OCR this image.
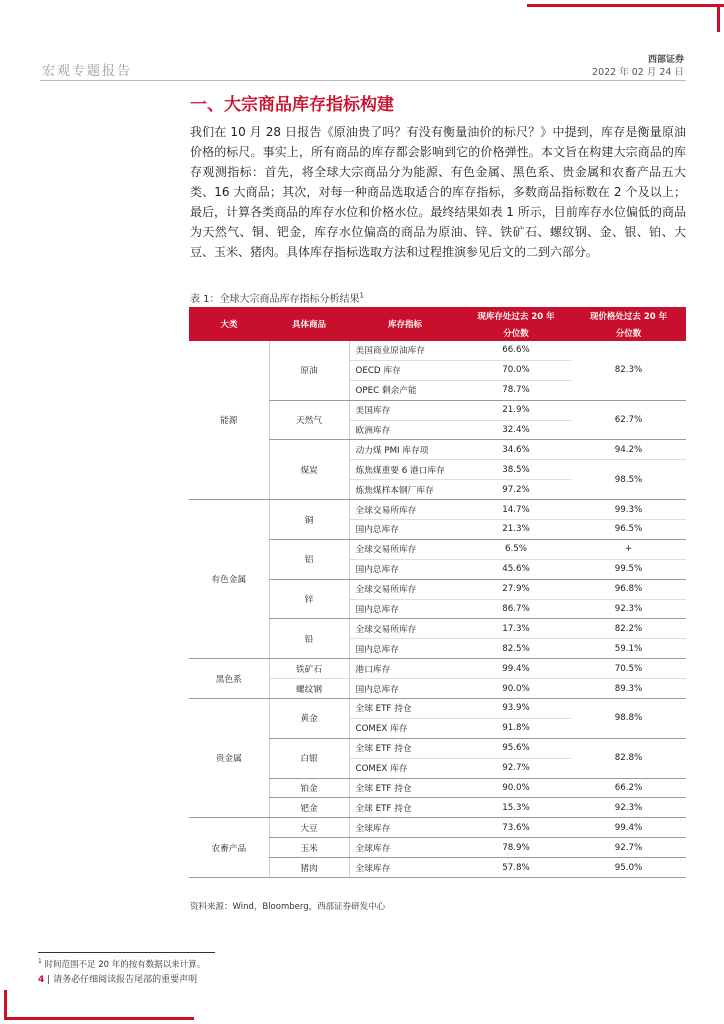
宏观专题报告
西部证券
2022 年 02 月 24 日
一、大宗商品库存指标构建

我们在 10 月 28 日报告《原油贵了吗？有没有衡量油价的标尺？》中提到，库存是衡量原油价格的标尺。事实上，所有商品的库存都会影响到它的价格弹性。本文旨在构建大宗商品的库存观测指标：首先，将全球大宗商品分为能源、有色金属、黑色系、贵金属和农畜产品五大类、16 大商品；其次，对每一种商品选取适合的库存指标，多数商品指标数在 2 个及以上；最后，计算各类商品的库存水位和价格水位。最终结果如表 1 所示，目前库存水位偏低的商品为天然气、铜、钯金，库存水位偏高的商品为原油、锌、铁矿石、螺纹钢、金、银、铂、大豆、玉米、猪肉。具体库存指标选取方法和过程推演参见后文的二到六部分。

表 1：全球大宗商品库存指标分析结果$^1$
大类	具体商品	库存指标	现库存处过去 20 年	现价格处过去 20 年
			分位数	分位数
能源	原油	美国商业原油库存	66.6%	82.3%
		OECD 库存	70.0%	
		OPEC 剩余产能	78.7%	
	天然气	美国库存	21.9%	62.7%
		欧洲库存	32.4%	
	煤炭	动力煤 PMI 库存项	34.6%	94.2%
		炼焦煤重要 6 港口库存	38.5%	98.5%
		炼焦煤样本钢厂库存	97.2%	
有色金属	铜	全球交易所库存	14.7%	99.3%
		国内总库存	21.3%	96.5%
	铝	全球交易所库存	6.5%	+
		国内总库存	45.6%	99.5%
	锌	全球交易所库存	27.9%	96.8%
		国内总库存	86.7%	92.3%
	铅	全球交易所库存	17.3%	82.2%
		国内总库存	82.5%	59.1%
黑色系	铁矿石	港口库存	99.4%	70.5%
	螺纹钢	国内总库存	90.0%	89.3%
贵金属	黄金	全球 ETF 持仓	93.9%	98.8%
		COMEX 库存	91.8%	
	白银	全球 ETF 持仓	95.6%	82.8%
		COMEX 库存	92.7%	
	铂金	全球 ETF 持仓	90.0%	66.2%
	钯金	全球 ETF 持仓	15.3%	92.3%
农畜产品	大豆	全球库存	73.6%	99.4%
	玉米	全球库存	78.9%	92.7%
	猪肉	全球库存	57.8%	95.0%
资料来源：Wind，Bloomberg，西部证券研发中心
$^1$ 时间范围不足 20 年的按有数据以来计算。
4 | 请务必仔细阅读报告尾部的重要声明
